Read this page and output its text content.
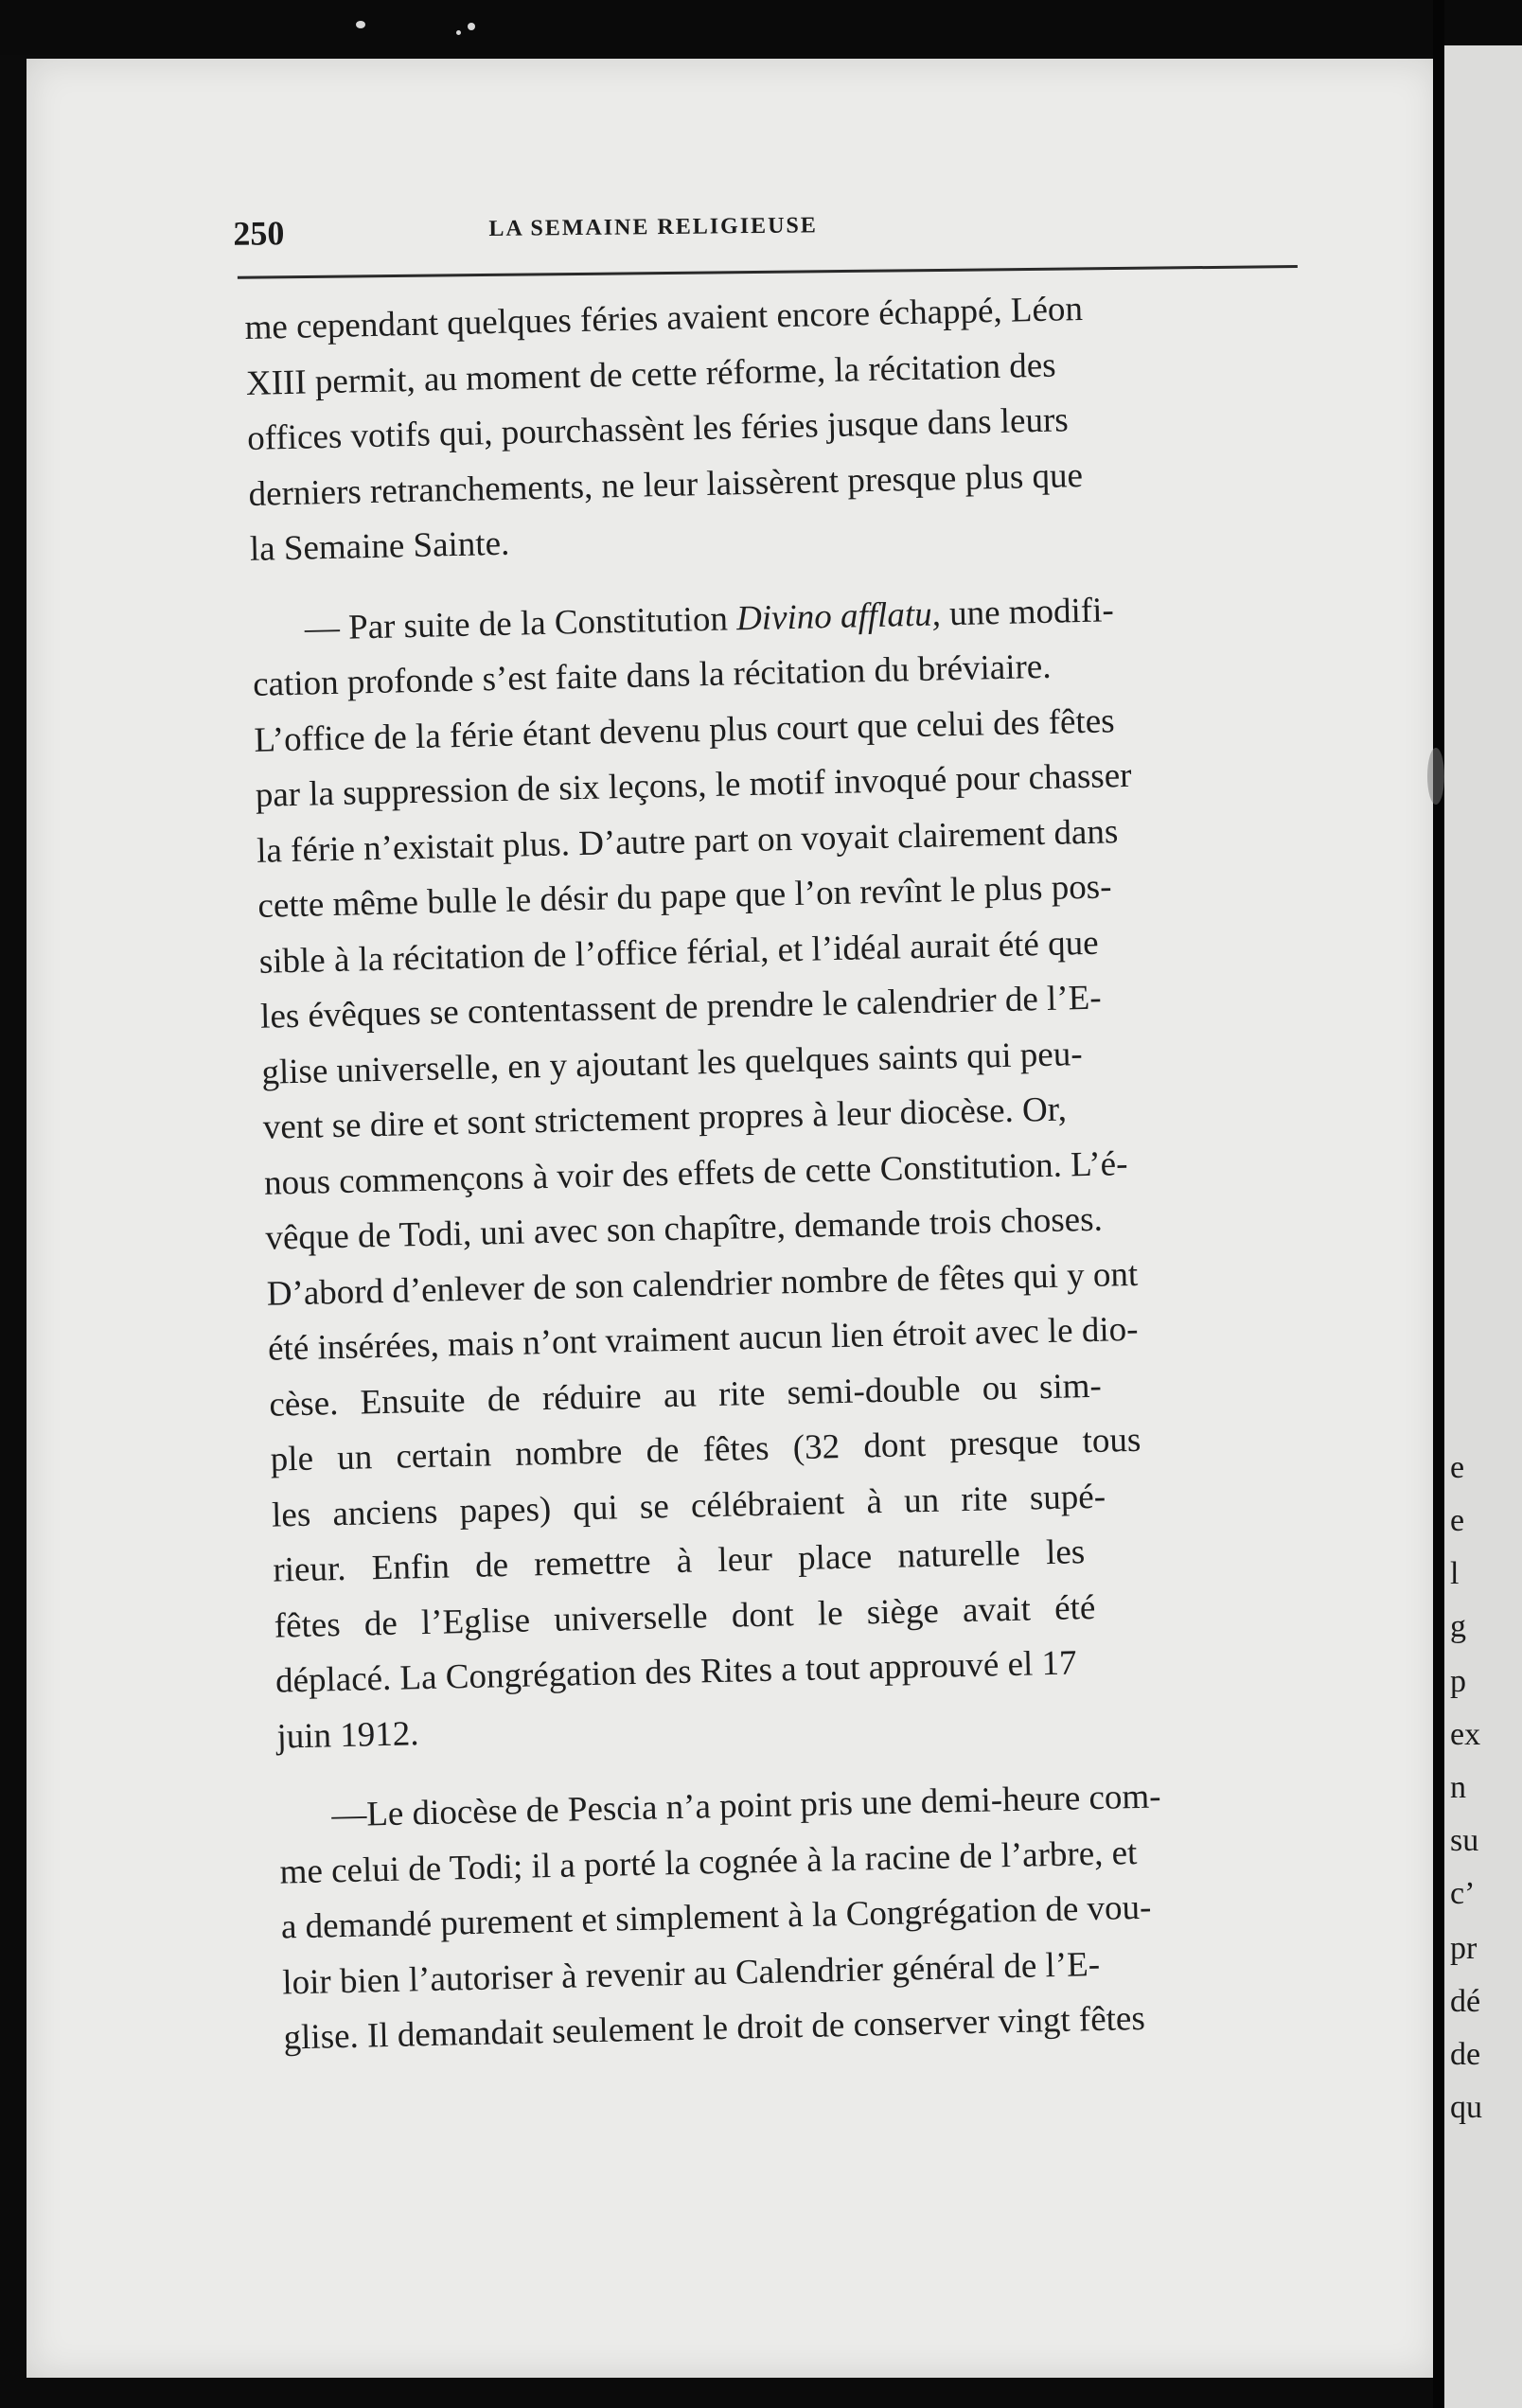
e
e
l
g
p
ex
n
su
c’
pr
dé
de
qu
250	LA SEMAINE RELIGIEUSE

me cependant quelques féries avaient encore échappé, Léon
XIII permit, au moment de cette réforme, la récitation des
offices votifs qui, pourchassènt les féries jusque dans leurs
derniers retranchements, ne leur laissèrent presque plus que
la Semaine Sainte.

— Par suite de la Constitution Divino afflatu, une modifi-
cation profonde s’est faite dans la récitation du bréviaire.
L’office de la férie étant devenu plus court que celui des fêtes
par la suppression de six leçons, le motif invoqué pour chasser
la férie n’existait plus. D’autre part on voyait clairement dans
cette même bulle le désir du pape que l’on revînt le plus pos-
sible à la récitation de l’office férial, et l’idéal aurait été que
les évêques se contentassent de prendre le calendrier de l’E-
glise universelle, en y ajoutant les quelques saints qui peu-
vent se dire et sont strictement propres à leur diocèse. Or,
nous commençons à voir des effets de cette Constitution. L’é-
vêque de Todi, uni avec son chapître, demande trois choses.
D’abord d’enlever de son calendrier nombre de fêtes qui y ont
été insérées, mais n’ont vraiment aucun lien étroit avec le dio-
cèse. Ensuite de réduire au rite semi-double ou sim-
ple un certain nombre de fêtes (32 dont presque tous
les anciens papes) qui se célébraient à un rite supé-
rieur. Enfin de remettre à leur place naturelle les
fêtes de l’Eglise universelle dont le siège avait été
déplacé. La Congrégation des Rites a tout approuvé el 17
juin 1912.

—Le diocèse de Pescia n’a point pris une demi-heure com-
me celui de Todi; il a porté la cognée à la racine de l’arbre, et
a demandé purement et simplement à la Congrégation de vou-
loir bien l’autoriser à revenir au Calendrier général de l’E-
glise. Il demandait seulement le droit de conserver vingt fêtes
